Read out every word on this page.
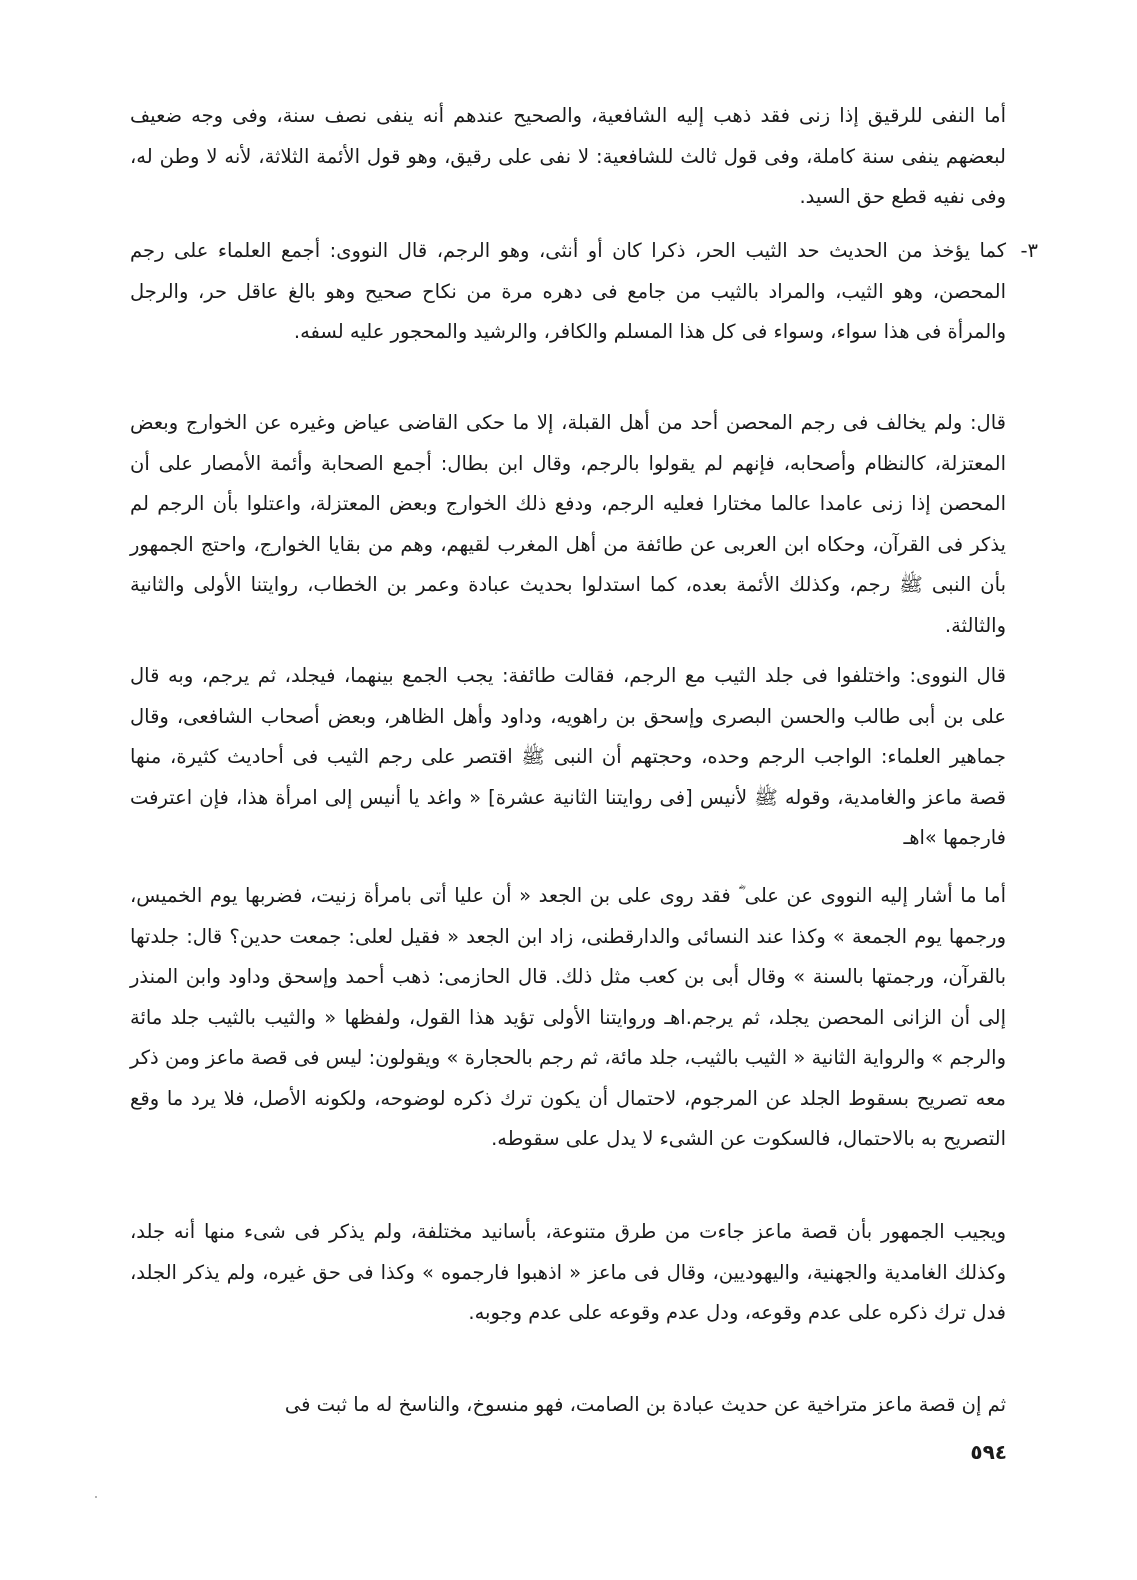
أما النفى للرقيق إذا زنى فقد ذهب إليه الشافعية، والصحيح عندهم أنه ينفى نصف سنة، وفى وجه ضعيف لبعضهم ينفى سنة كاملة، وفى قول ثالث للشافعية: لا نفى على رقيق، وهو قول الأئمة الثلاثة، لأنه لا وطن له، وفى نفيه قطع حق السيد.

٣-
كما يؤخذ من الحديث حد الثيب الحر، ذكرا كان أو أنثى، وهو الرجم، قال النووى: أجمع العلماء على رجم المحصن، وهو الثيب، والمراد بالثيب من جامع فى دهره مرة من نكاح صحيح وهو بالغ عاقل حر، والرجل والمرأة فى هذا سواء، وسواء فى كل هذا المسلم والكافر، والرشيد والمحجور عليه لسفه.

قال: ولم يخالف فى رجم المحصن أحد من أهل القبلة، إلا ما حكى القاضى عياض وغيره عن الخوارج وبعض المعتزلة، كالنظام وأصحابه، فإنهم لم يقولوا بالرجم، وقال ابن بطال: أجمع الصحابة وأئمة الأمصار على أن المحصن إذا زنى عامدا عالما مختارا فعليه الرجم، ودفع ذلك الخوارج وبعض المعتزلة، واعتلوا بأن الرجم لم يذكر فى القرآن، وحكاه ابن العربى عن طائفة من أهل المغرب لقيهم، وهم من بقايا الخوارج، واحتج الجمهور بأن النبى ﷺ رجم، وكذلك الأئمة بعده، كما استدلوا بحديث عبادة وعمر بن الخطاب، روايتنا الأولى والثانية والثالثة.

قال النووى: واختلفوا فى جلد الثيب مع الرجم، فقالت طائفة: يجب الجمع بينهما، فيجلد، ثم يرجم، وبه قال على بن أبى طالب والحسن البصرى وإسحق بن راهويه، وداود وأهل الظاهر، وبعض أصحاب الشافعى، وقال جماهير العلماء: الواجب الرجم وحده، وحجتهم أن النبى ﷺ اقتصر على رجم الثيب فى أحاديث كثيرة، منها قصة ماعز والغامدية، وقوله ﷺ لأنيس [فى روايتنا الثانية عشرة] « واغد يا أنيس إلى امرأة هذا، فإن اعترفت فارجمها »اهـ

أما ما أشار إليه النووى عن على ؓ فقد روى على بن الجعد « أن عليا أتى بامرأة زنيت، فضربها يوم الخميس، ورجمها يوم الجمعة » وكذا عند النسائى والدارقطنى، زاد ابن الجعد « فقيل لعلى: جمعت حدين؟ قال: جلدتها بالقرآن، ورجمتها بالسنة » وقال أبى بن كعب مثل ذلك. قال الحازمى: ذهب أحمد وإسحق وداود وابن المنذر إلى أن الزانى المحصن يجلد، ثم يرجم.اهـ وروايتنا الأولى تؤيد هذا القول، ولفظها « والثيب بالثيب جلد مائة والرجم » والرواية الثانية « الثيب بالثيب، جلد مائة، ثم رجم بالحجارة » ويقولون: ليس فى قصة ماعز ومن ذكر معه تصريح بسقوط الجلد عن المرجوم، لاحتمال أن يكون ترك ذكره لوضوحه، ولكونه الأصل، فلا يرد ما وقع التصريح به بالاحتمال، فالسكوت عن الشىء لا يدل على سقوطه.

ويجيب الجمهور بأن قصة ماعز جاءت من طرق متنوعة، بأسانيد مختلفة، ولم يذكر فى شىء منها أنه جلد، وكذلك الغامدية والجهنية، واليهوديين، وقال فى ماعز « اذهبوا فارجموه » وكذا فى حق غيره، ولم يذكر الجلد، فدل ترك ذكره على عدم وقوعه، ودل عدم وقوعه على عدم وجوبه.

ثم إن قصة ماعز متراخية عن حديث عبادة بن الصامت، فهو منسوخ، والناسخ له ما ثبت فى

٥٩٤
